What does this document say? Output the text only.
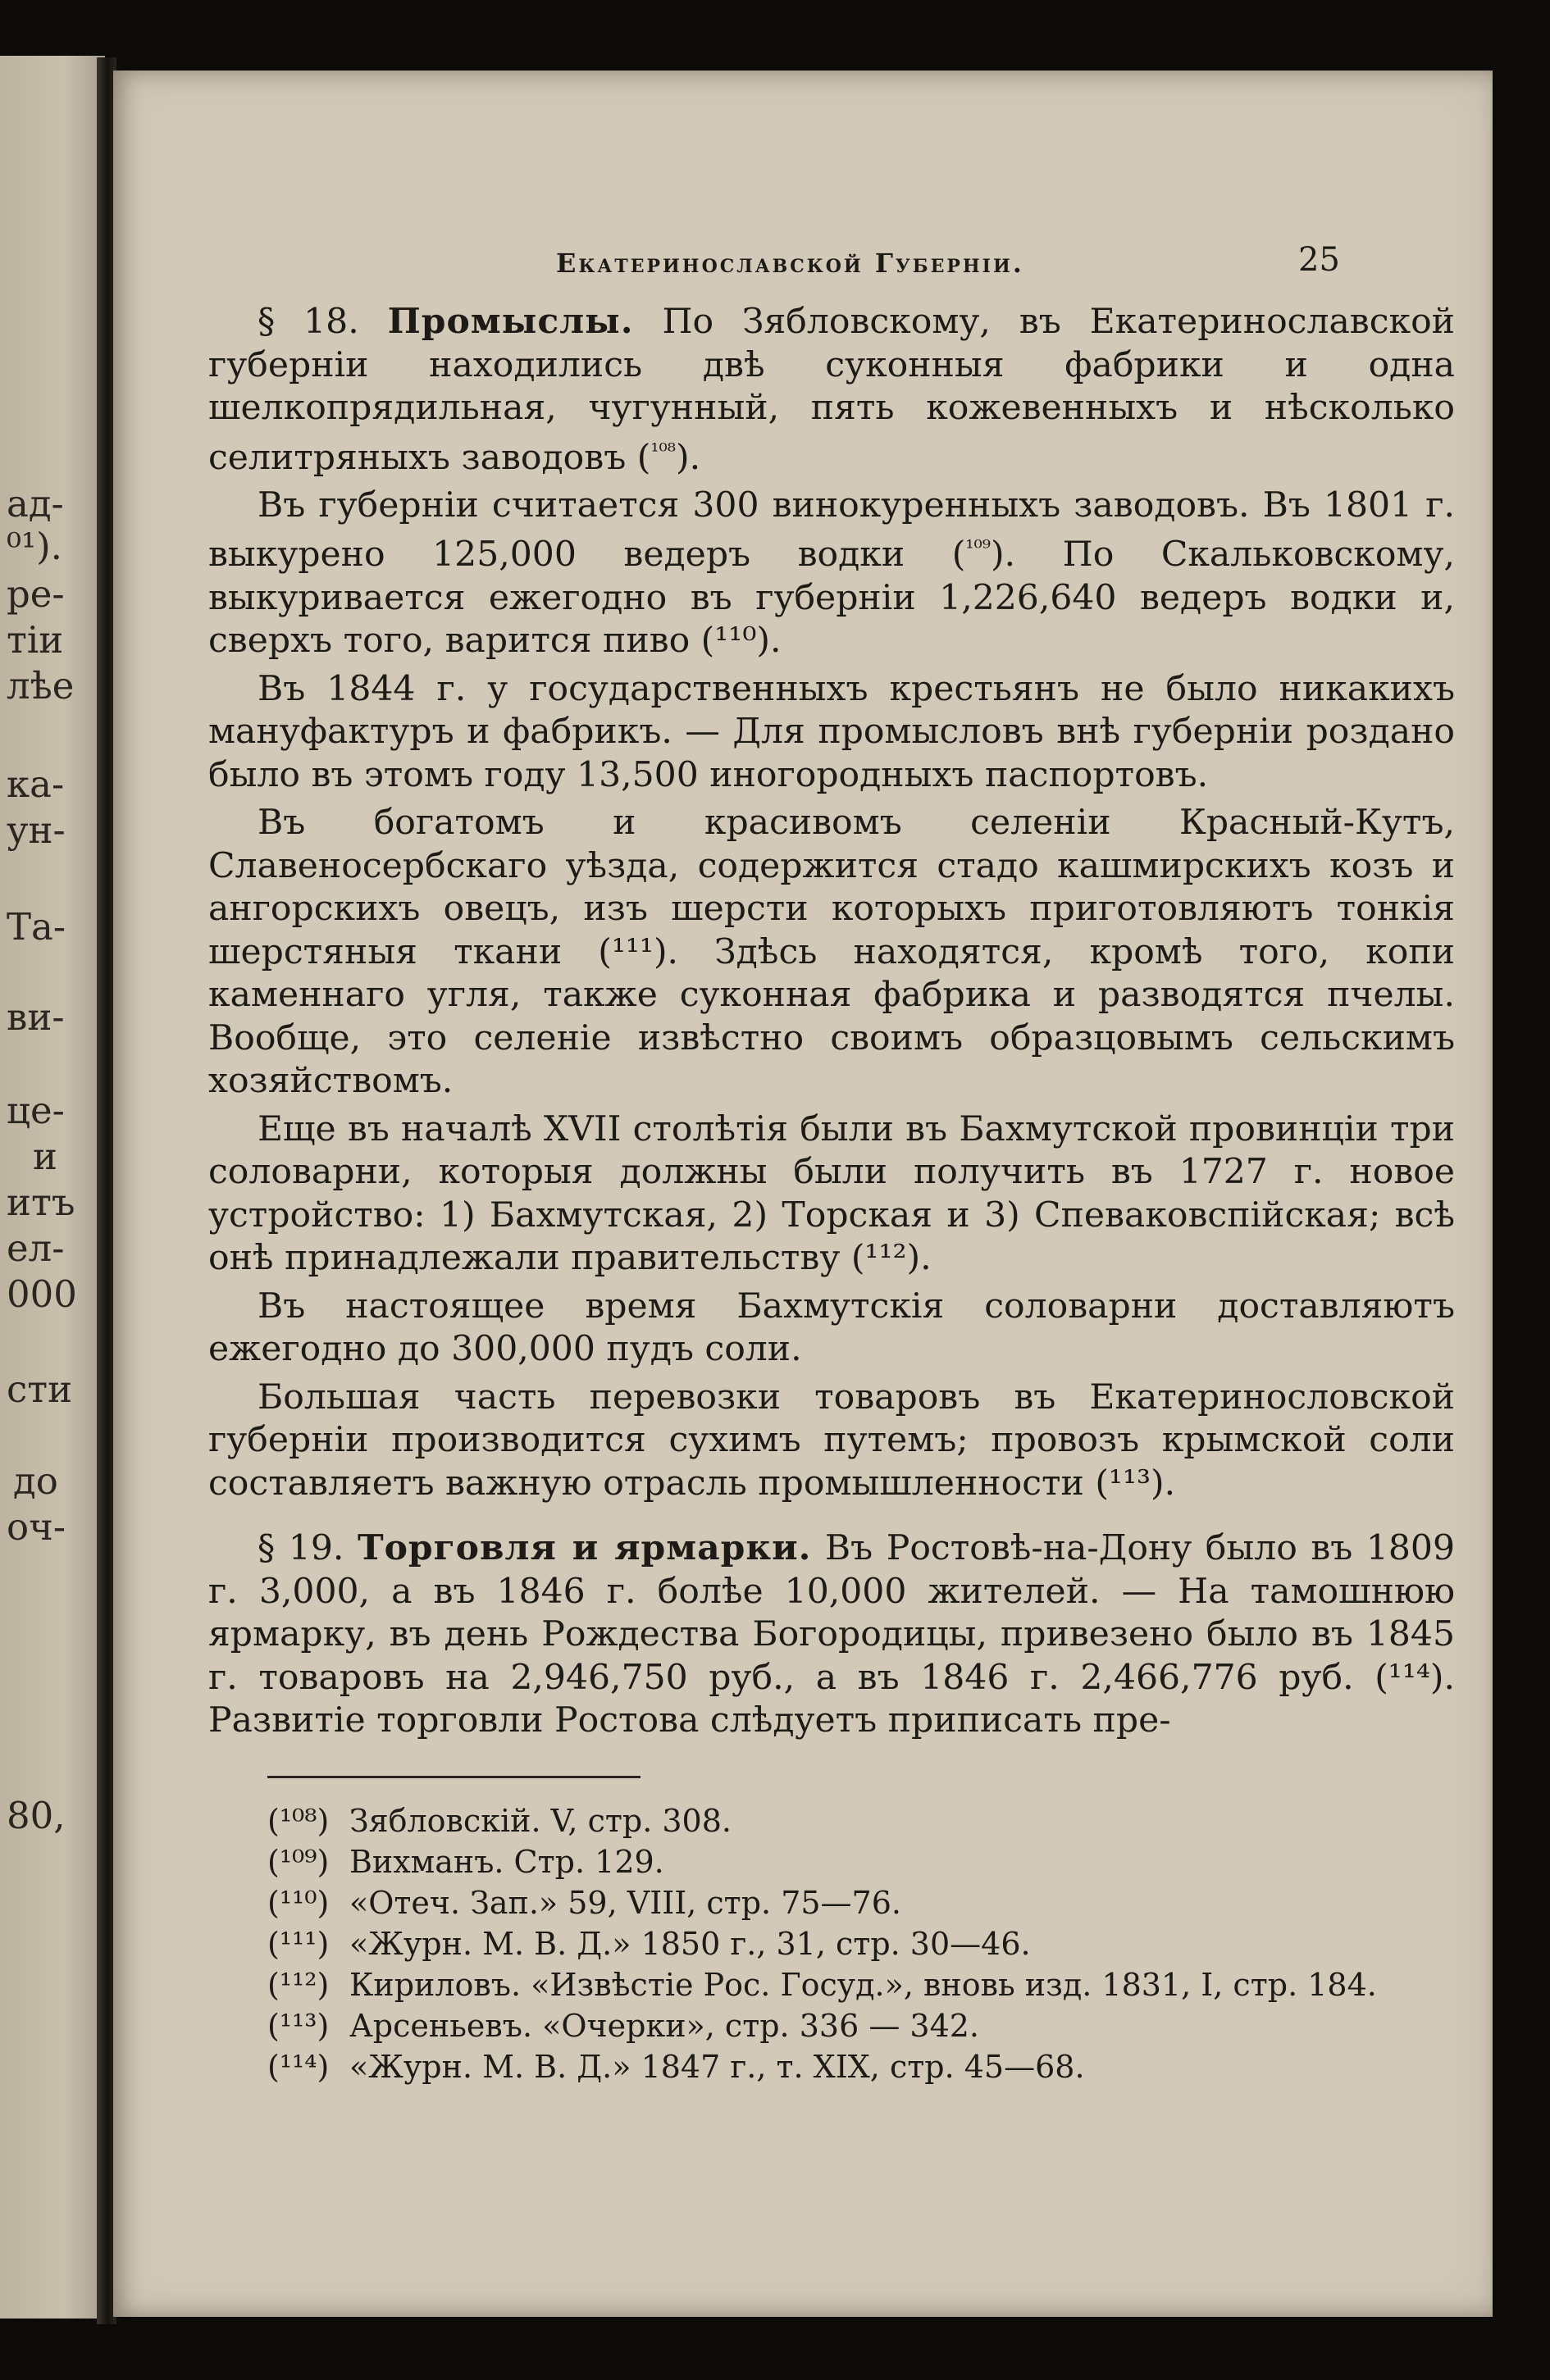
ад-
⁰¹).
ре-
тіи
лѣе
ка-
ун-
Та-
ви-
це-
и
итъ
ел-
000
сти
до
оч-
80,
Екатеринославской Губерніи.	25

§ 18. Промыслы. По Зябловскому, въ Екатеринославской губерніи находились двѣ суконныя фабрики и одна шелкопрядильная, чугунный, пять кожевенныхъ и нѣсколько селитряныхъ заводовъ ($^{^{108}}$).

Въ губерніи считается 300 винокуренныхъ заводовъ. Въ 1801 г. выкурено 125,000 ведеръ водки ($^{^{109}}$). По Скальковскому, выкуривается ежегодно въ губерніи 1,226,640 ведеръ водки и, сверхъ того, варится пиво (¹¹⁰).

Въ 1844 г. у государственныхъ крестьянъ не было никакихъ мануфактуръ и фабрикъ. — Для промысловъ внѣ губерніи роздано было въ этомъ году 13,500 иногородныхъ паспортовъ.

Въ богатомъ и красивомъ селеніи Красный-Кутъ, Славеносербскаго уѣзда, содержится стадо кашмирскихъ козъ и ангорскихъ овецъ, изъ шерсти которыхъ приготовляютъ тонкія шерстяныя ткани (¹¹¹). Здѣсь находятся, кромѣ того, копи каменнаго угля, также суконная фабрика и разводятся пчелы. Вообще, это селеніе извѣстно своимъ образцовымъ сельскимъ хозяйствомъ.

Еще въ началѣ XVII столѣтія были въ Бахмутской провинціи три соловарни, которыя должны были получить въ 1727 г. новое устройство: 1) Бахмутская, 2) Торская и 3) Спеваковспійская; всѣ онѣ принадлежали правительству (¹¹²).

Въ настоящее время Бахмутскія соловарни доставляютъ ежегодно до 300,000 пудъ соли.

Большая часть перевозки товаровъ въ Екатеринословской губерніи производится сухимъ путемъ; провозъ крымской соли составляетъ важную отрасль промышленности (¹¹³).

§ 19. Торговля и ярмарки. Въ Ростовѣ-на-Дону было въ 1809 г. 3,000, а въ 1846 г. болѣе 10,000 жителей. — На тамошнюю ярмарку, въ день Рождества Богородицы, привезено было въ 1845 г. товаровъ на 2,946,750 руб., а въ 1846 г. 2,466,776 руб. (¹¹⁴). Развитіе торговли Ростова слѣдуетъ приписать пре-

(¹⁰⁸) Зябловскій. V, стр. 308.

(¹⁰⁹) Вихманъ. Стр. 129.

(¹¹⁰) «Отеч. Зап.» 59, VIII, стр. 75—76.

(¹¹¹) «Журн. М. В. Д.» 1850 г., 31, стр. 30—46.

(¹¹²) Кириловъ. «Извѣстіе Рос. Госуд.», вновь изд. 1831, I, стр. 184.

(¹¹³) Арсеньевъ. «Очерки», стр. 336 — 342.

(¹¹⁴) «Журн. М. В. Д.» 1847 г., т. XIX, стр. 45—68.
